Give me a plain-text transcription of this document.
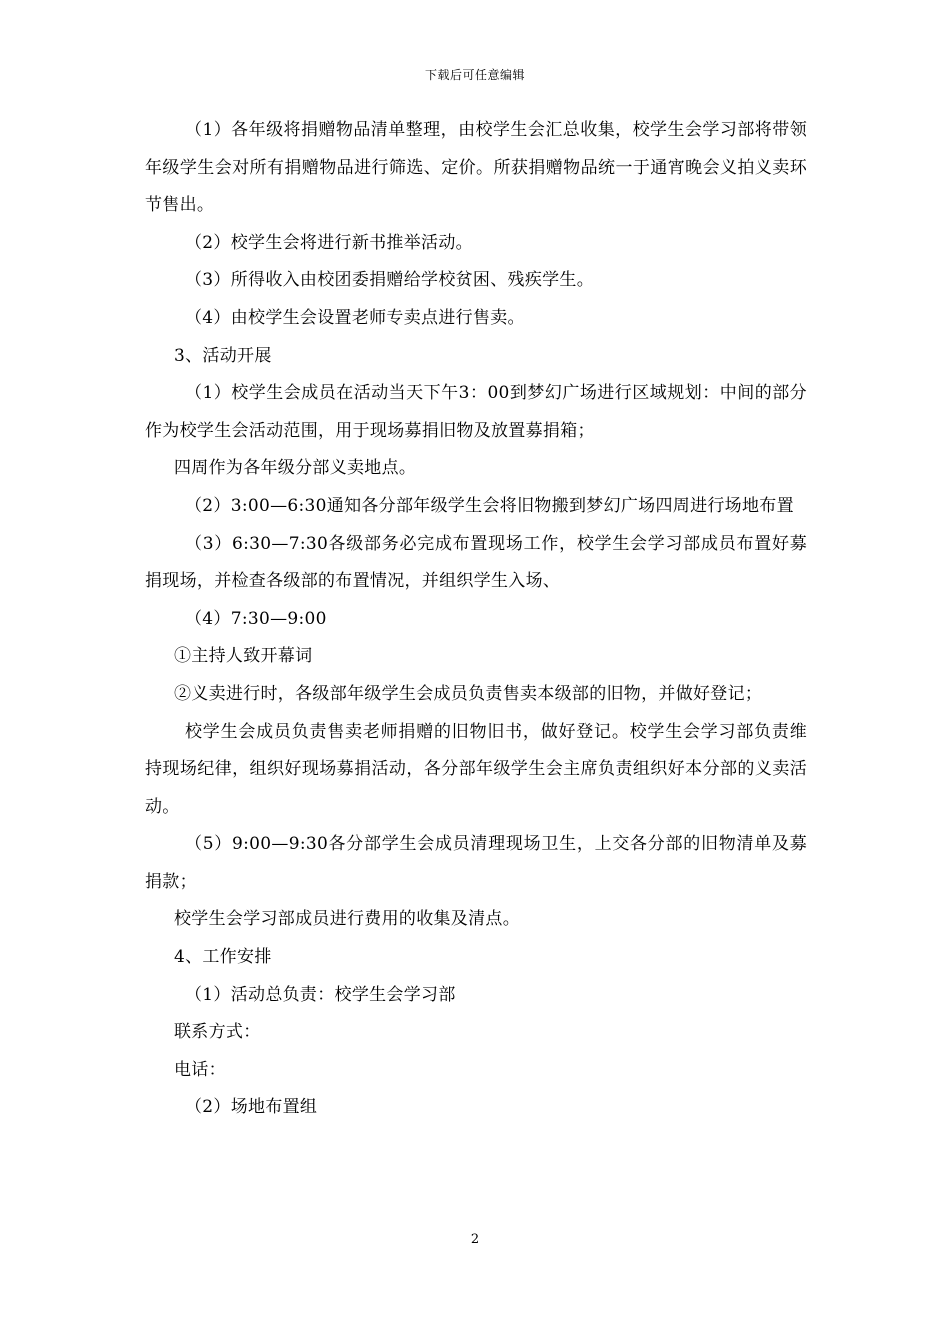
下载后可任意编辑

（1）各年级将捐赠物品清单整理，由校学生会汇总收集，校学生会学习部将带领年级学生会对所有捐赠物品进行筛选、定价。所获捐赠物品统一于通宵晚会义拍义卖环节售出。

（2）校学生会将进行新书推举活动。

（3）所得收入由校团委捐赠给学校贫困、残疾学生。

（4）由校学生会设置老师专卖点进行售卖。

3、活动开展

（1）校学生会成员在活动当天下午3：00到梦幻广场进行区域规划：中间的部分作为校学生会活动范围，用于现场募捐旧物及放置募捐箱；

四周作为各年级分部义卖地点。

（2）3:00—6:30通知各分部年级学生会将旧物搬到梦幻广场四周进行场地布置

（3）6:30—7:30各级部务必完成布置现场工作，校学生会学习部成员布置好募捐现场，并检查各级部的布置情况，并组织学生入场、

（4）7:30—9:00

①主持人致开幕词

②义卖进行时，各级部年级学生会成员负责售卖本级部的旧物，并做好登记；

校学生会成员负责售卖老师捐赠的旧物旧书，做好登记。校学生会学习部负责维持现场纪律，组织好现场募捐活动，各分部年级学生会主席负责组织好本分部的义卖活动。

（5）9:00—9:30各分部学生会成员清理现场卫生，上交各分部的旧物清单及募捐款；

校学生会学习部成员进行费用的收集及清点。

4、工作安排

（1）活动总负责：校学生会学习部

联系方式：

电话：

（2）场地布置组

2
